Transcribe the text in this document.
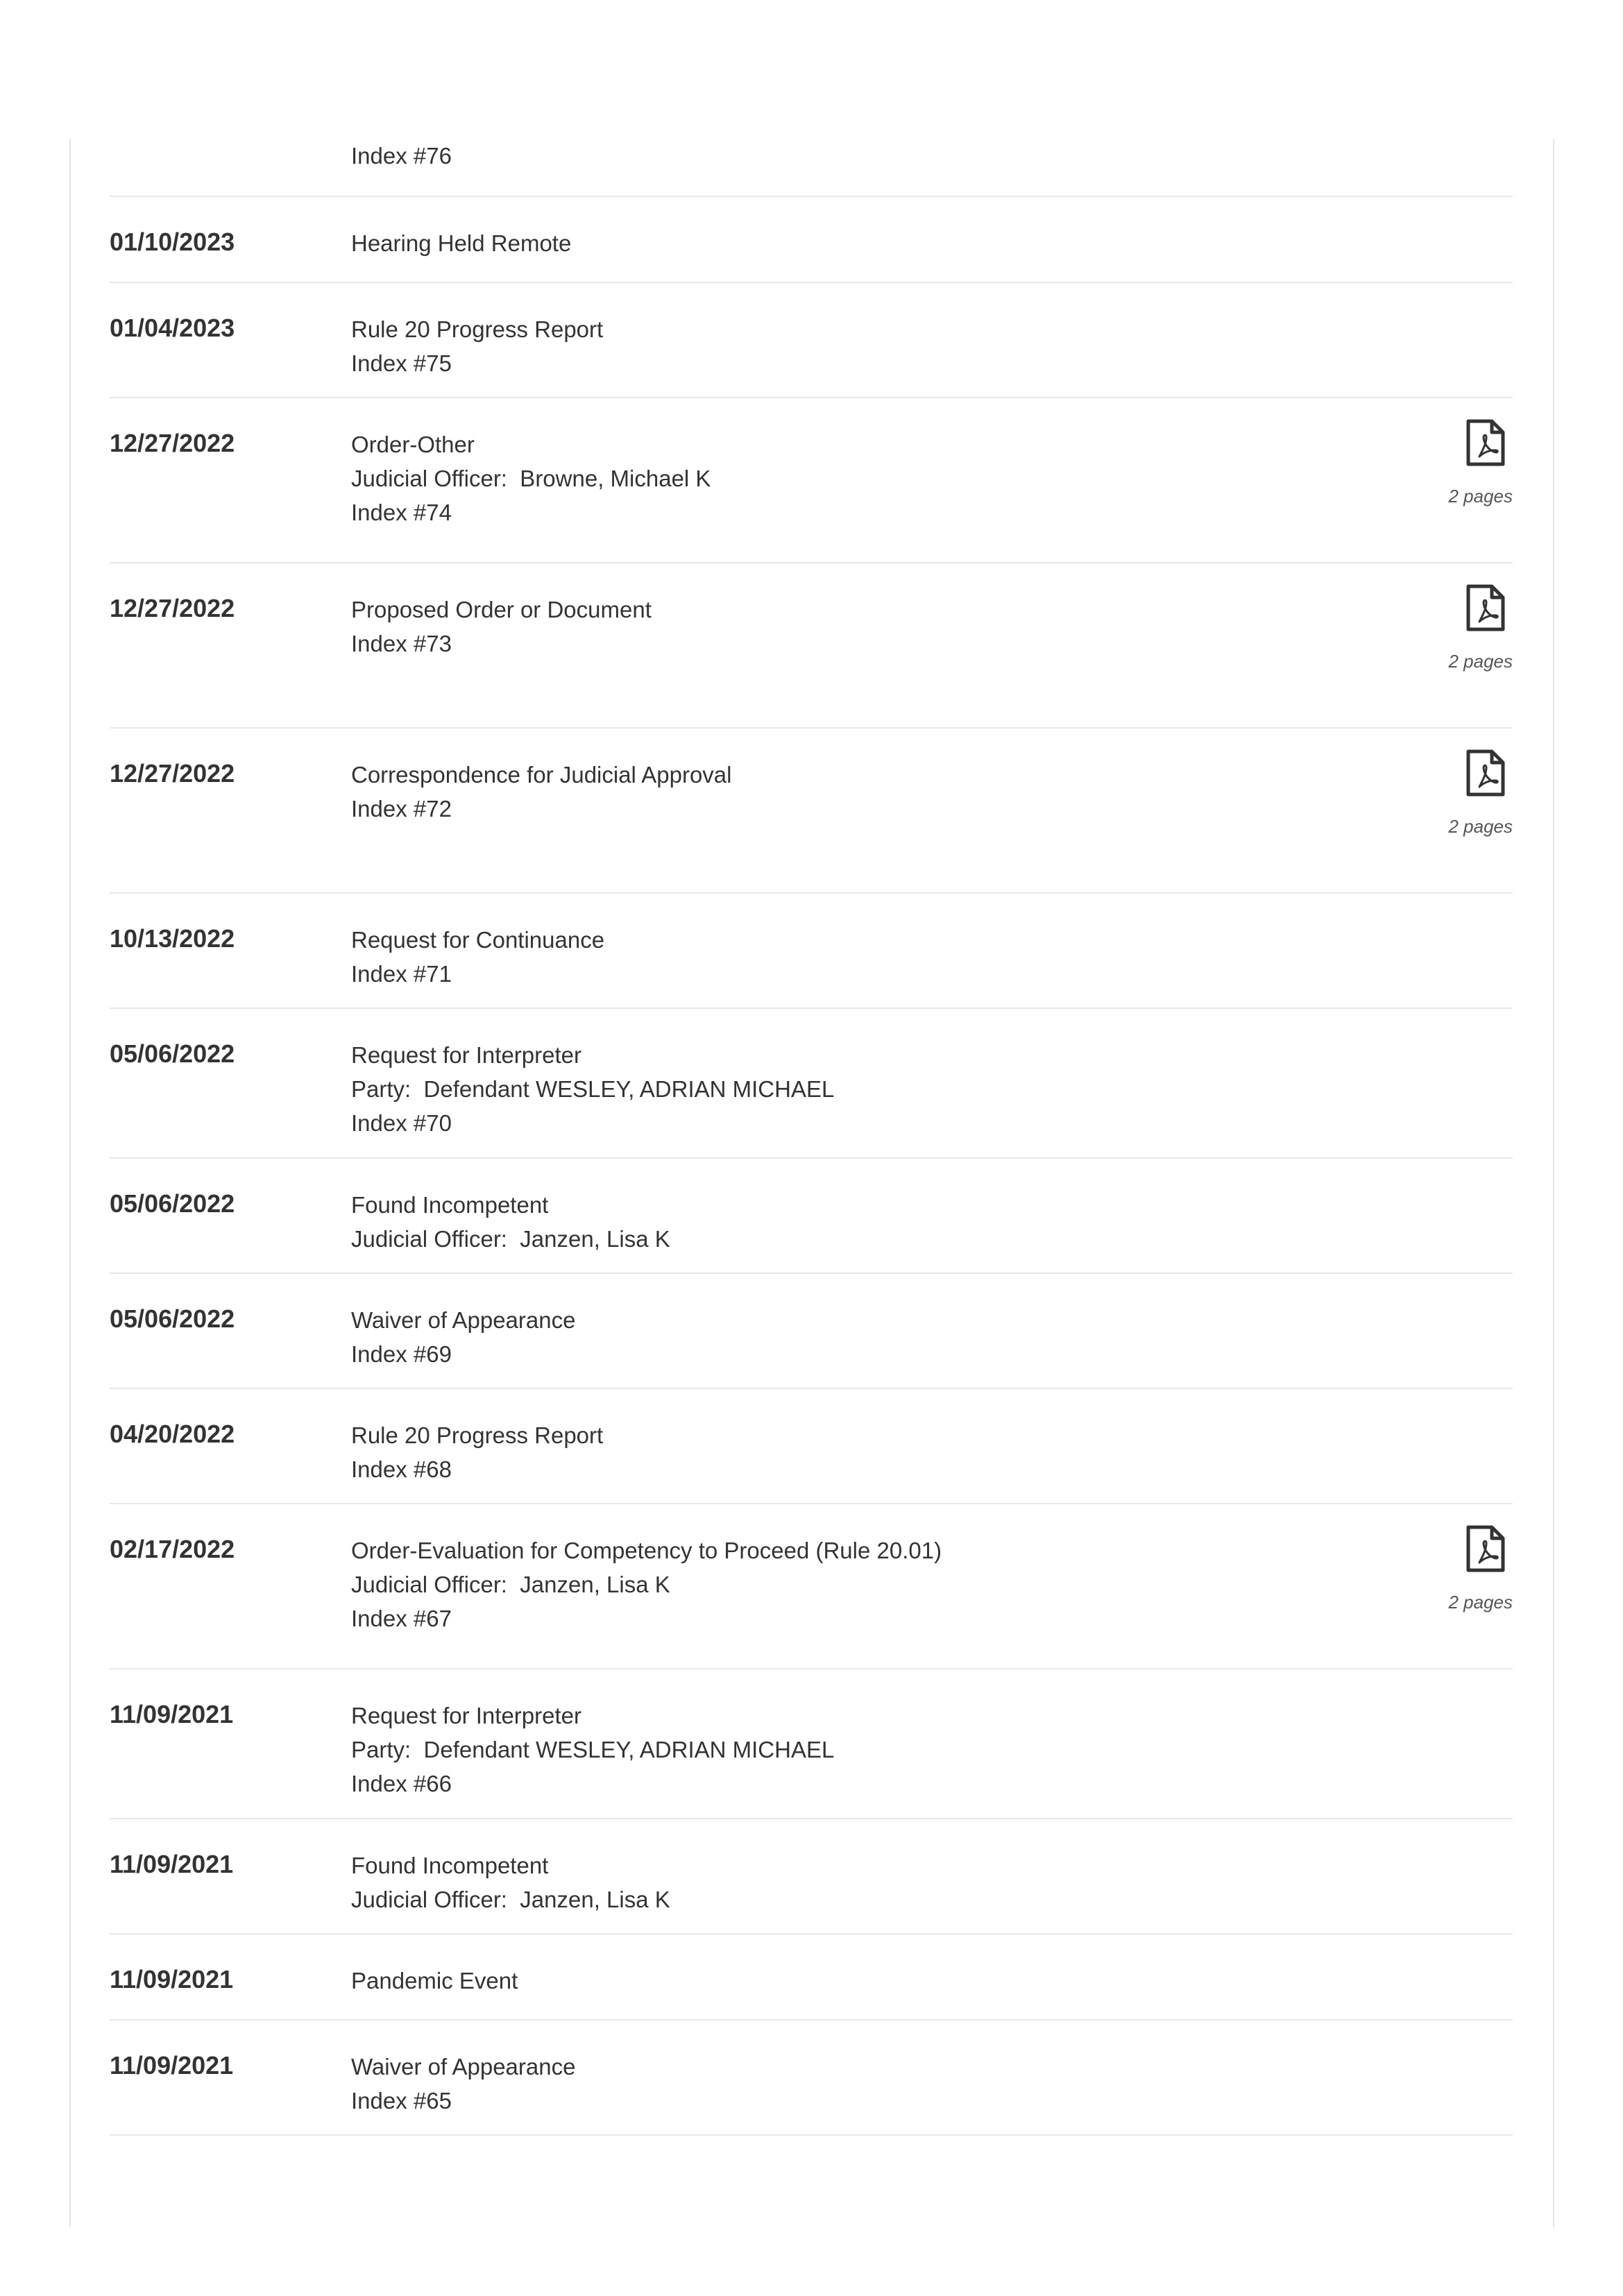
Index #76
01/10/2023	Hearing Held Remote
01/04/2023	Rule 20 Progress Report
Index #75
12/27/2022	Order-Other
Judicial Officer:  Browne, Michael K
Index #74
2 pages
12/27/2022	Proposed Order or Document
Index #73
2 pages
12/27/2022	Correspondence for Judicial Approval
Index #72
2 pages
10/13/2022	Request for Continuance
Index #71
05/06/2022	Request for Interpreter
Party:  Defendant WESLEY, ADRIAN MICHAEL
Index #70
05/06/2022	Found Incompetent
Judicial Officer:  Janzen, Lisa K
05/06/2022	Waiver of Appearance
Index #69
04/20/2022	Rule 20 Progress Report
Index #68
02/17/2022	Order-Evaluation for Competency to Proceed (Rule 20.01)
Judicial Officer:  Janzen, Lisa K
Index #67
2 pages
11/09/2021	Request for Interpreter
Party:  Defendant WESLEY, ADRIAN MICHAEL
Index #66
11/09/2021	Found Incompetent
Judicial Officer:  Janzen, Lisa K
11/09/2021	Pandemic Event
11/09/2021	Waiver of Appearance
Index #65
